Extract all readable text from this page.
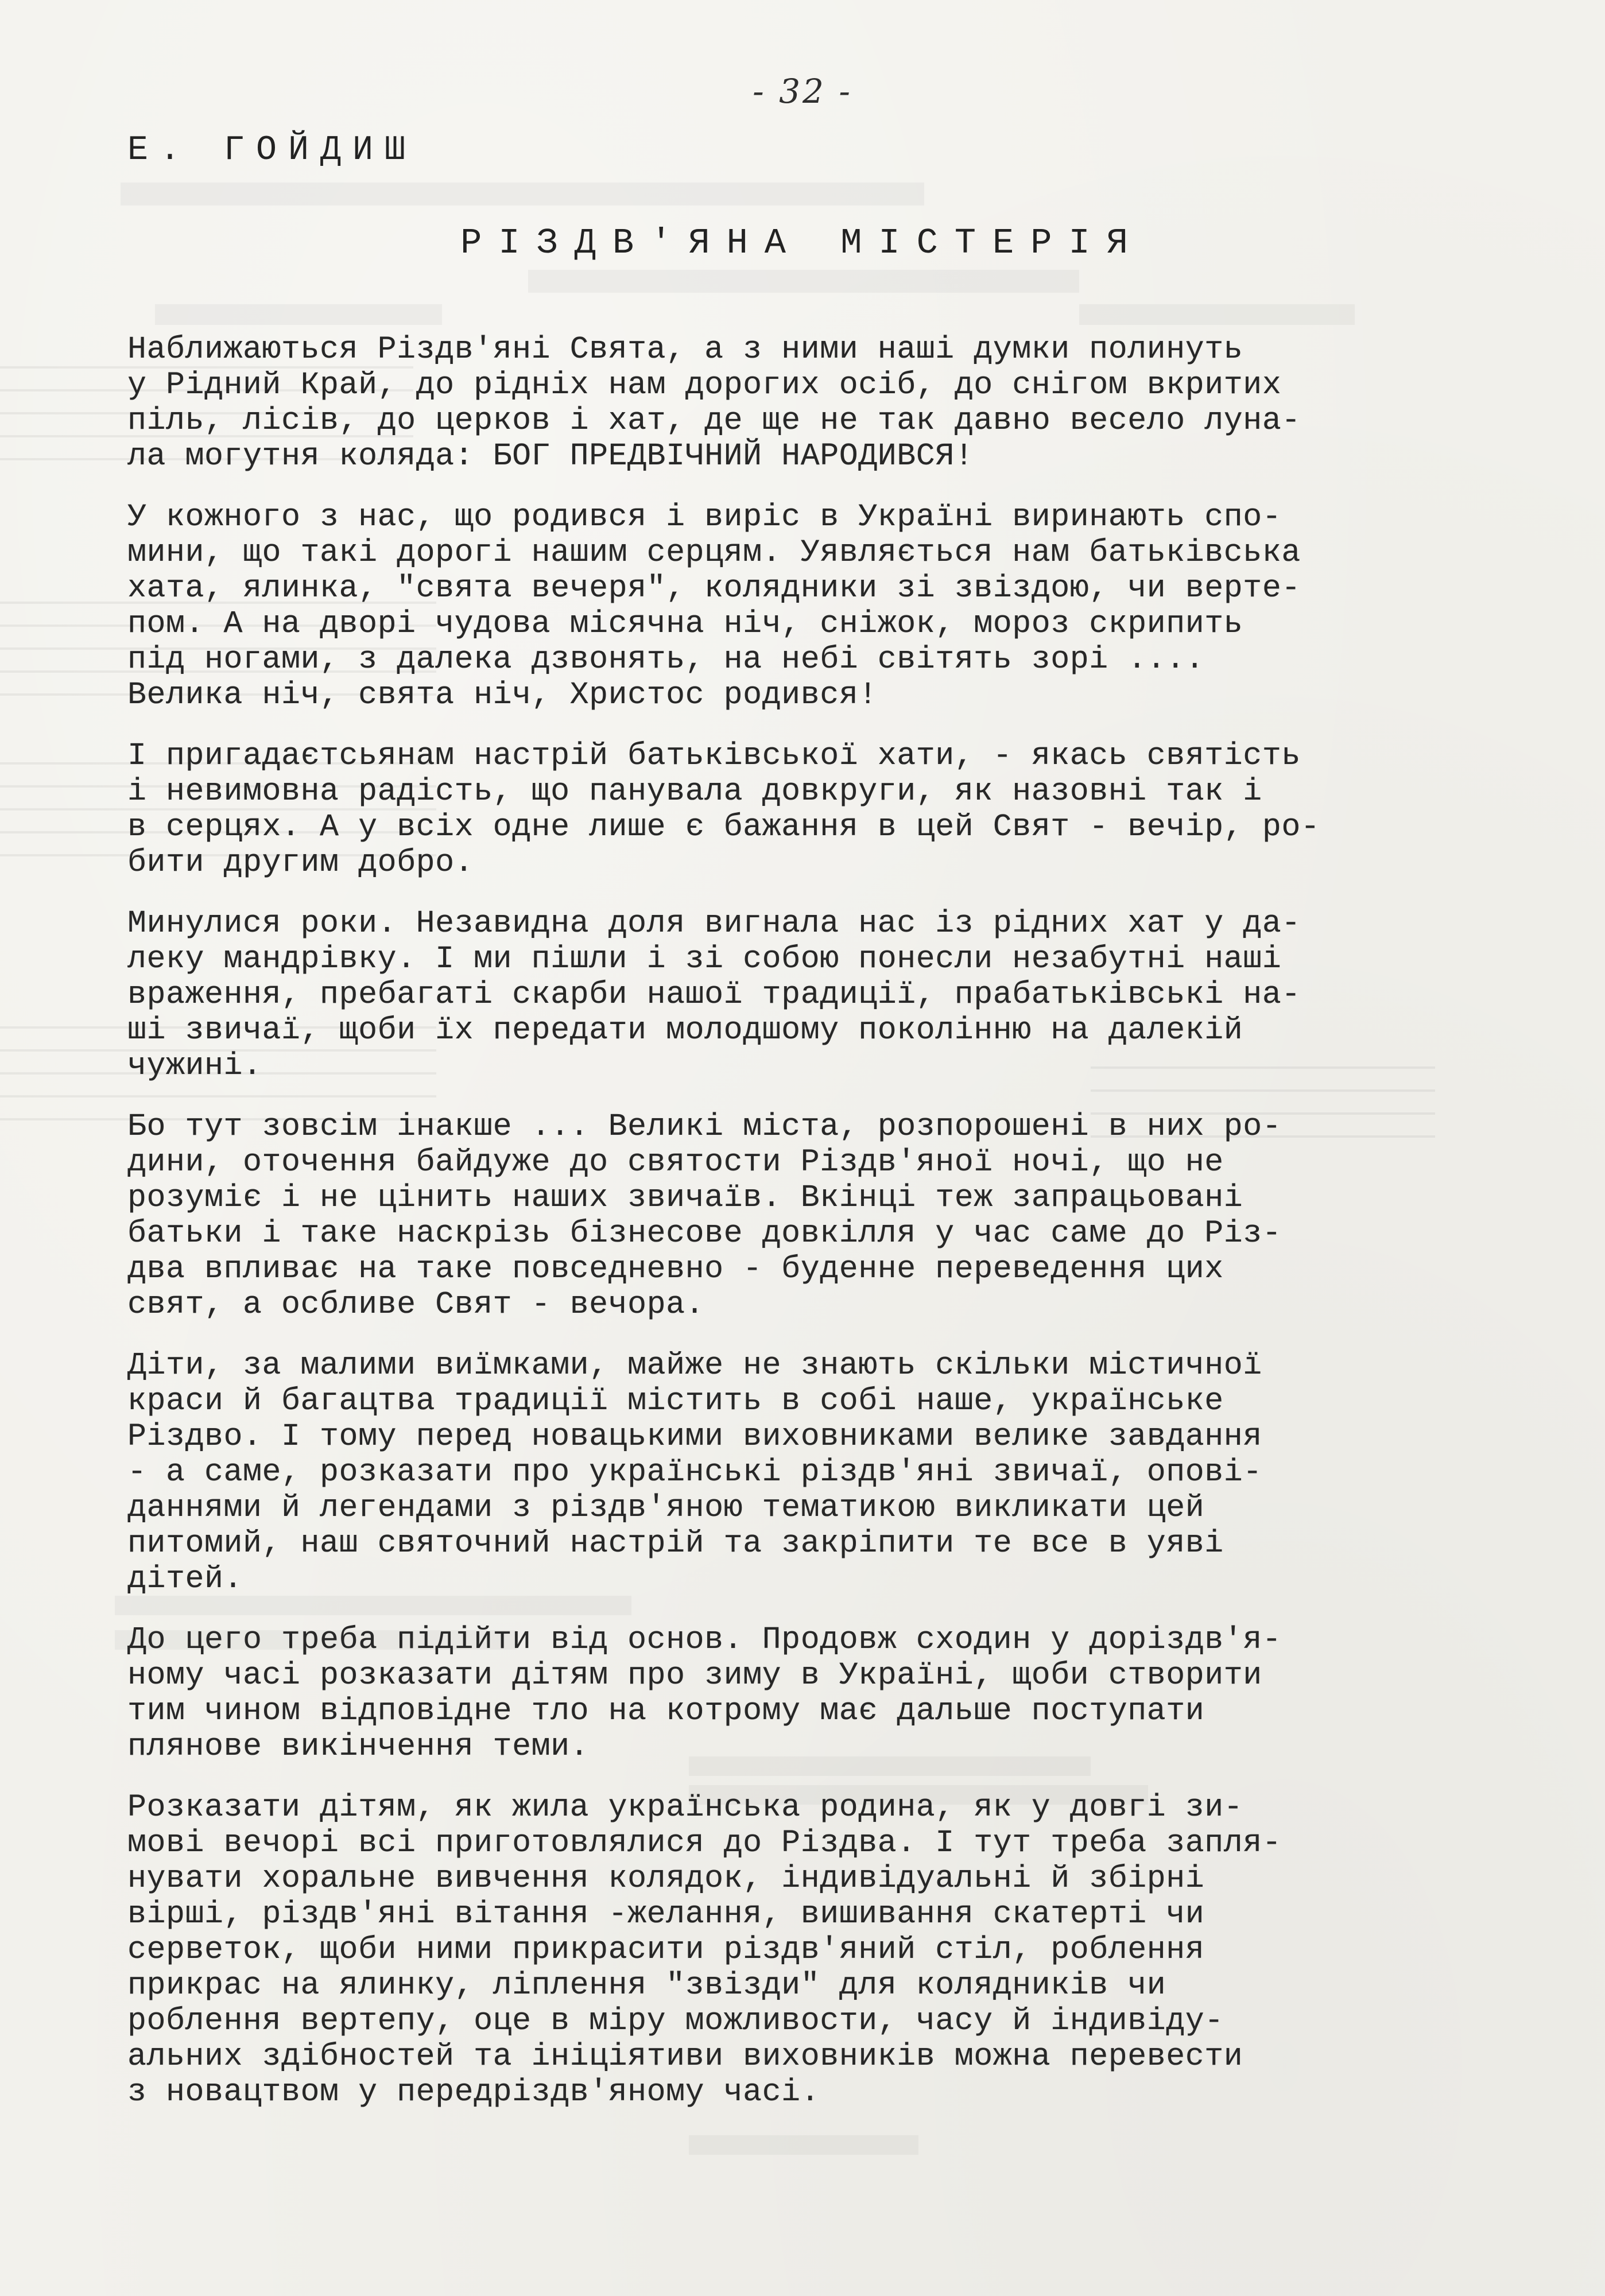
- 32 -
Е. ГОЙДИШ
РІЗДВ'ЯНА МІСТЕРІЯ
Наближаються Різдв'яні Свята, а з ними наші думки полинуть
у Рідний Край, до рідніх нам дорогих осіб, до снігом вкритих
піль, лісів, до церков і хат, де ще не так давно весело луна-
ла могутня коляда: БОГ ПРЕДВІЧНИЙ НАРОДИВСЯ!
У кожного з нас, що родився і виріс в Україні виринають спо-
мини, що такі дорогі нашим серцям. Уявляється нам батьківська
хата, ялинка, "свята вечеря", колядники зі звіздою, чи верте-
пом. А на дворі чудова місячна ніч, сніжок, мороз скрипить
під ногами, з далека дзвонять, на небі світять зорі ....
Велика ніч, свята ніч, Христос родився!
І пригадаєтсьянам настрій батьківської хати, - якась святість
і невимовна радість, що панувала довкруги, як назовні так і
в серцях. А у всіх одне лише є бажання в цей Свят - вечір, ро-
бити другим добро.
Минулися роки. Незавидна доля вигнала нас із рідних хат у да-
леку мандрівку. І ми пішли і зі собою понесли незабутні наші
враження, пребагаті скарби нашої традиції, прабатьківські на-
ші звичаї, щоби їх передати молодшому поколінню на далекій
чужині.
Бо тут зовсім інакше ... Великі міста, розпорошені в них ро-
дини, оточення байдуже до святости Різдв'яної ночі, що не
розуміє і не цінить наших звичаїв. Вкінці теж запрацьовані
батьки і таке наскрізь бізнесове довкілля у час саме до Різ-
два впливає на таке повседневно - буденне переведення цих
свят, а осбливе Свят - вечора.
Діти, за малими виїмками, майже не знають скільки містичної
краси й багацтва традиції містить в собі наше, українське
Різдво. І тому перед новацькими виховниками велике завдання
- а саме, розказати про українські різдв'яні звичаї, опові-
даннями й легендами з різдв'яною тематикою викликати цей
питомий, наш святочний настрій та закріпити те все в уяві
дітей.
До цего треба підійти від основ. Продовж сходин у доріздв'я-
ному часі розказати дітям про зиму в Україні, щоби створити
тим чином відповідне тло на котрому має дальше поступати
плянове викінчення теми.
Розказати дітям, як жила українська родина, як у довгі зи-
мові вечорі всі приготовлялися до Різдва. І тут треба запля-
нувати хоральне вивчення колядок, індивідуальні й збірні
вірші, різдв'яні вітання -желання, вишивання скатерті чи
серветок, щоби ними прикрасити різдв'яний стіл, роблення
прикрас на ялинку, ліплення "звізди" для колядників чи
роблення вертепу, оце в міру можливости, часу й індивіду-
альних здібностей та ініціятиви виховників можна перевести
з новацтвом у передріздв'яному часі.
